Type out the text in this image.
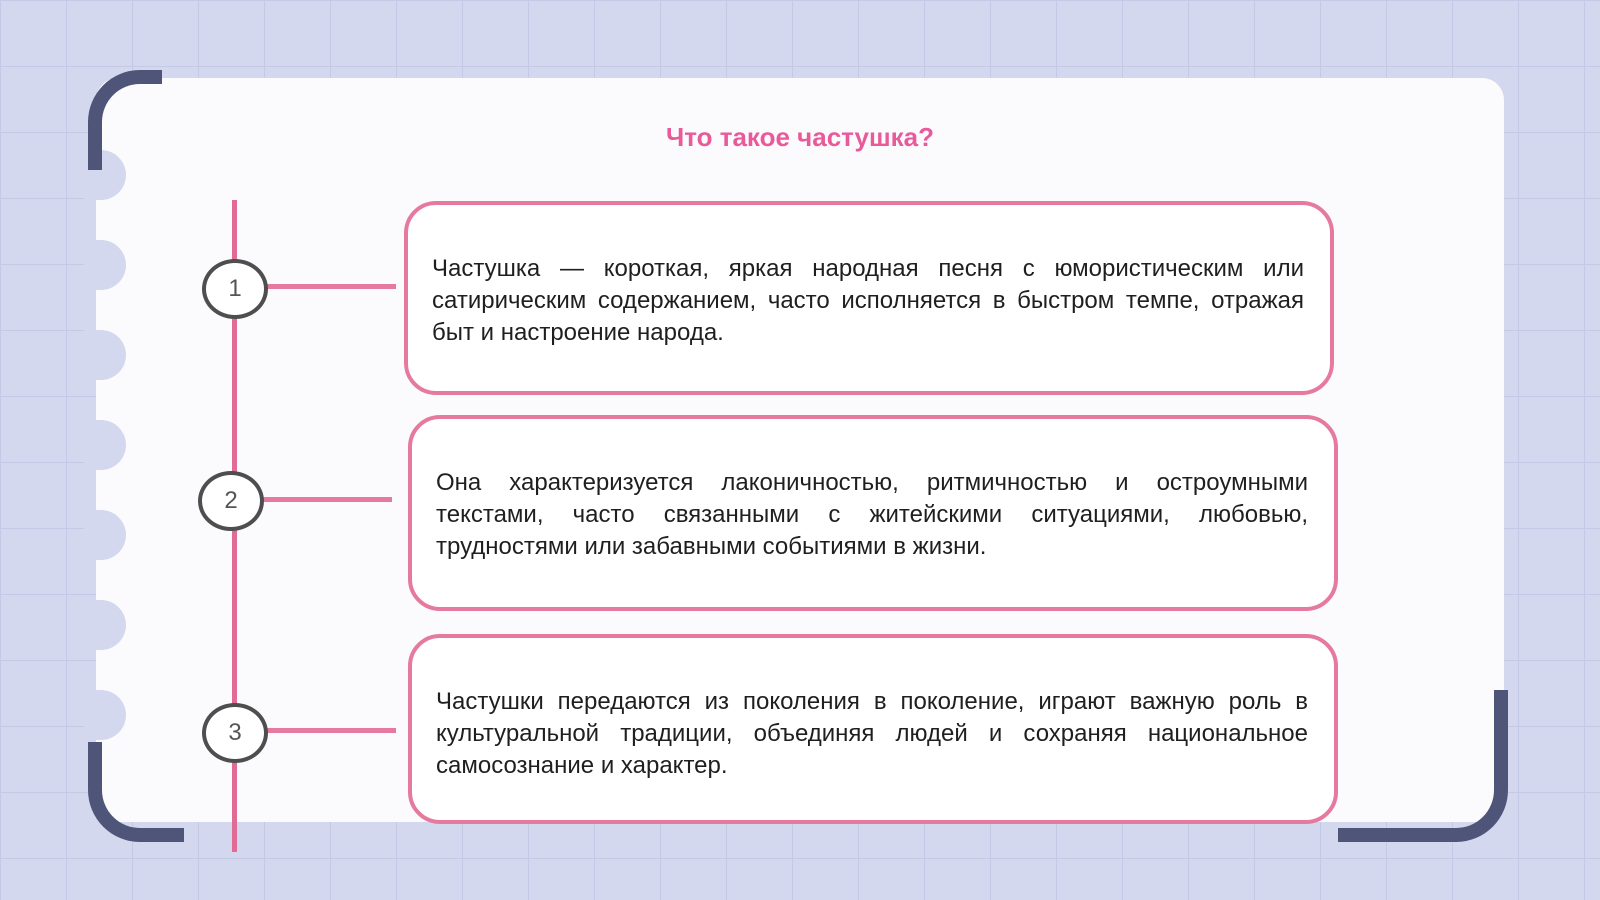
Что такое частушка?
1
2
3

Частушка — короткая, яркая народная песня с юмористическим или сатирическим содержанием, часто исполняется в быстром темпе, отражая быт и настроение народа.

Она характеризуется лаконичностью, ритмичностью и остроумными текстами, часто связанными с житейскими ситуациями, любовью, трудностями или забавными событиями в жизни.

Частушки передаются из поколения в поколение, играют важную роль в культуральной традиции, объединяя людей и сохраняя национальное самосознание и характер.
